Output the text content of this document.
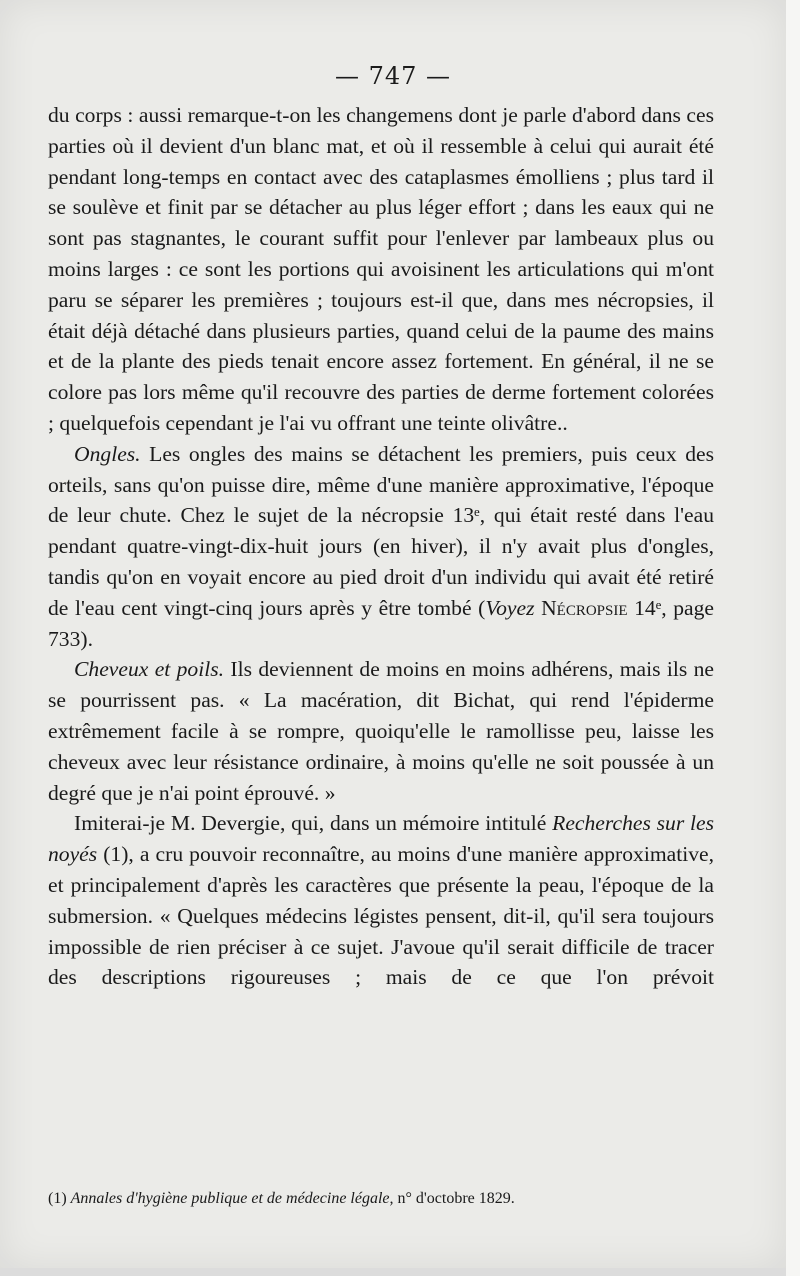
— 747 —

du corps : aussi remarque-t-on les changemens dont je parle d'abord dans ces parties où il devient d'un blanc mat, et où il ressemble à celui qui aurait été pendant long-temps en contact avec des cataplasmes émolliens ; plus tard il se soulève et finit par se détacher au plus léger effort ; dans les eaux qui ne sont pas stagnantes, le courant suffit pour l'enlever par lambeaux plus ou moins larges : ce sont les portions qui avoisinent les articulations qui m'ont paru se séparer les premières ; toujours est-il que, dans mes nécropsies, il était déjà détaché dans plusieurs parties, quand celui de la paume des mains et de la plante des pieds tenait encore assez fortement. En général, il ne se colore pas lors même qu'il recouvre des parties de derme fortement colorées ; quelquefois cependant je l'ai vu offrant une teinte olivâtre..

Ongles. Les ongles des mains se détachent les premiers, puis ceux des orteils, sans qu'on puisse dire, même d'une manière approximative, l'époque de leur chute. Chez le sujet de la nécropsie 13ᵉ, qui était resté dans l'eau pendant quatre-vingt-dix-huit jours (en hiver), il n'y avait plus d'ongles, tandis qu'on en voyait encore au pied droit d'un individu qui avait été retiré de l'eau cent vingt-cinq jours après y être tombé (Voyez Nécropsie 14ᵉ, page 733).

Cheveux et poils. Ils deviennent de moins en moins adhérens, mais ils ne se pourrissent pas. « La macération, dit Bichat, qui rend l'épiderme extrêmement facile à se rompre, quoiqu'elle le ramollisse peu, laisse les cheveux avec leur résistance ordinaire, à moins qu'elle ne soit poussée à un degré que je n'ai point éprouvé. »

Imiterai-je M. Devergie, qui, dans un mémoire intitulé Recherches sur les noyés (1), a cru pouvoir reconnaître, au moins d'une manière approximative, et principalement d'après les caractères que présente la peau, l'époque de la submersion. « Quelques médecins légistes pensent, dit-il, qu'il sera toujours impossible de rien préciser à ce sujet. J'avoue qu'il serait difficile de tracer des descriptions rigoureuses ; mais de ce que l'on prévoit

(1) Annales d'hygiène publique et de médecine légale, n° d'octobre 1829.
